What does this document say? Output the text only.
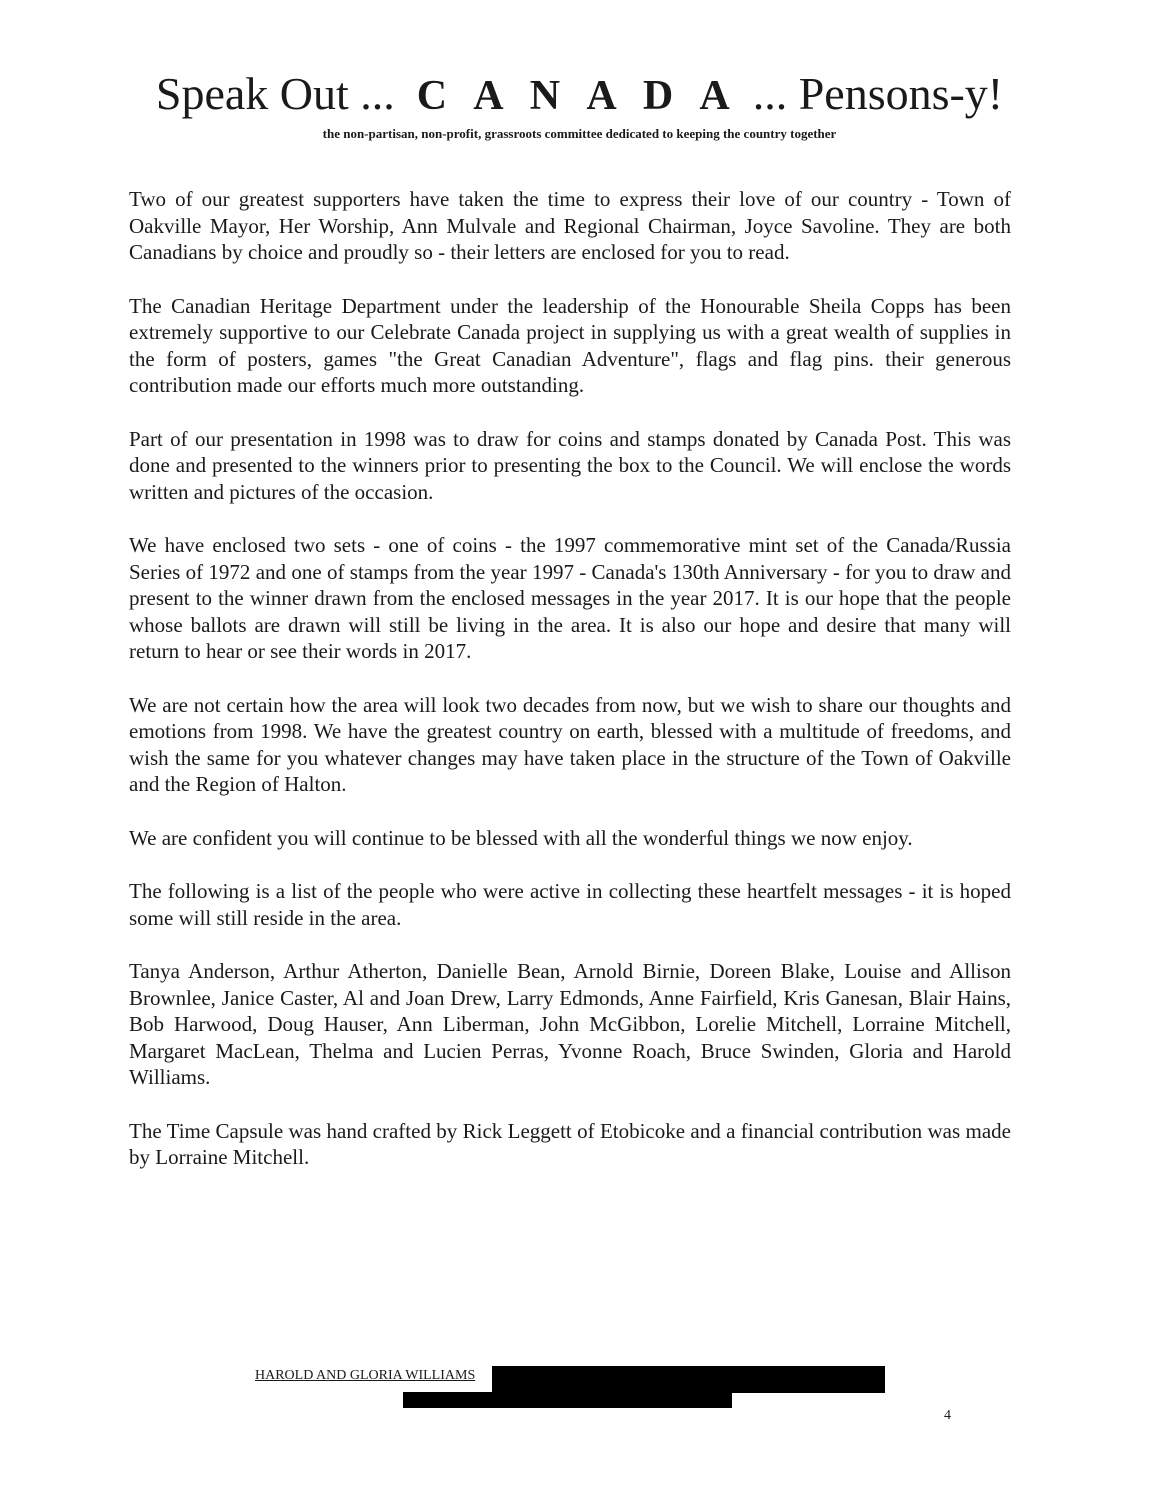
Speak Out ... C A N A D A ... Pensons-y!
the non-partisan, non-profit, grassroots committee dedicated to keeping the country together

Two of our greatest supporters have taken the time to express their love of our country - Town of Oakville Mayor, Her Worship, Ann Mulvale and Regional Chairman, Joyce Savoline. They are both Canadians by choice and proudly so - their letters are enclosed for you to read.

The Canadian Heritage Department under the leadership of the Honourable Sheila Copps has been extremely supportive to our Celebrate Canada project in supplying us with a great wealth of supplies in the form of posters, games "the Great Canadian Adventure", flags and flag pins. their generous contribution made our efforts much more outstanding.

Part of our presentation in 1998 was to draw for coins and stamps donated by Canada Post. This was done and presented to the winners prior to presenting the box to the Council. We will enclose the words written and pictures of the occasion.

We have enclosed two sets - one of coins - the 1997 commemorative mint set of the Canada/Russia Series of 1972 and one of stamps from the year 1997 - Canada's 130th Anniversary - for you to draw and present to the winner drawn from the enclosed messages in the year 2017. It is our hope that the people whose ballots are drawn will still be living in the area. It is also our hope and desire that many will return to hear or see their words in 2017.

We are not certain how the area will look two decades from now, but we wish to share our thoughts and emotions from 1998. We have the greatest country on earth, blessed with a multitude of freedoms, and wish the same for you whatever changes may have taken place in the structure of the Town of Oakville and the Region of Halton.

We are confident you will continue to be blessed with all the wonderful things we now enjoy.

The following is a list of the people who were active in collecting these heartfelt messages - it is hoped some will still reside in the area.

Tanya Anderson, Arthur Atherton, Danielle Bean, Arnold Birnie, Doreen Blake, Louise and Allison Brownlee, Janice Caster, Al and Joan Drew, Larry Edmonds, Anne Fairfield, Kris Ganesan, Blair Hains, Bob Harwood, Doug Hauser, Ann Liberman, John McGibbon, Lorelie Mitchell, Lorraine Mitchell, Margaret MacLean, Thelma and Lucien Perras, Yvonne Roach, Bruce Swinden, Gloria and Harold Williams.

The Time Capsule was hand crafted by Rick Leggett of Etobicoke and a financial contribution was made by Lorraine Mitchell.

HAROLD AND GLORIA WILLIAMS
4
